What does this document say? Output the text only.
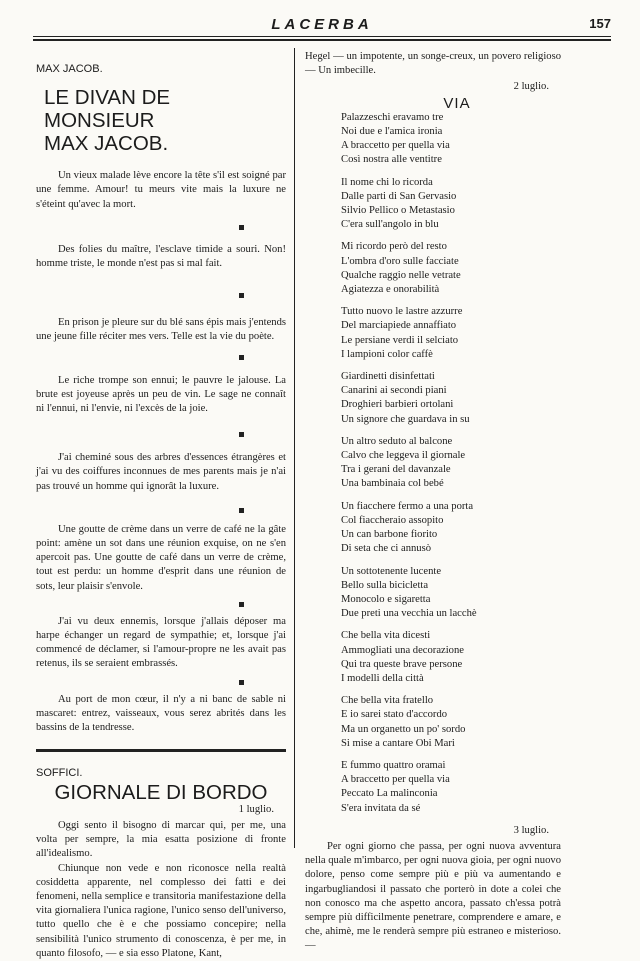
LACERBA	157
MAX JACOB.
LE DIVAN DE MONSIEUR
MAX JACOB.

Un vieux malade lève encore la tête s'il est soigné par une femme. Amour! tu meurs vite mais la luxure ne s'éteint qu'avec la mort.

Des folies du maître, l'esclave timide a souri. Non! homme triste, le monde n'est pas si mal fait.

En prison je pleure sur du blé sans épis mais j'entends une jeune fille réciter mes vers. Telle est la vie du poète.

Le riche trompe son ennui; le pauvre le jalouse. La brute est joyeuse après un peu de vin. Le sage ne connaît ni l'ennui, ni l'envie, ni l'excès de la joie.

J'ai cheminé sous des arbres d'essences étrangères et j'ai vu des coiffures inconnues de mes parents mais je n'ai pas trouvé un homme qui ignorât la luxure.

Une goutte de crème dans un verre de café ne la gâte point: amène un sot dans une réunion exquise, on ne s'en apercoit pas. Une goutte de café dans un verre de crème, tout est perdu: un homme d'esprit dans une réunion de sots, leur plaisir s'envole.

J'ai vu deux ennemis, lorsque j'allais déposer ma harpe échanger un regard de sympathie; et, lorsque j'ai commencé de déclamer, si l'amour-propre ne les avait pas retenus, ils se seraient embrassés.

Au port de mon cœur, il n'y a ni banc de sable ni mascaret: entrez, vaisseaux, vous serez abrités dans les bassins de la tendresse.

SOFFICI.
GIORNALE DI BORDO
1 luglio.

Oggi sento il bisogno di marcar qui, per me, una volta per sempre, la mia esatta posizione di fronte all'idealismo.

Chiunque non vede e non riconosce nella realtà cosiddetta apparente, nel complesso dei fatti e dei fenomeni, nella semplice e transitoria manifestazione della vita giornaliera l'unica ragione, l'unico senso dell'universo, tutto quello che è e che possiamo concepire; nella sensibilità l'unico strumento di conoscenza, è per me, in quanto filosofo, — e sia esso Platone, Kant,

Hegel — un impotente, un songe-creux, un povero religioso — Un imbecille.

2 luglio.
VIA
Palazzeschi eravamo tre
Noi due e l'amica ironia
A braccetto per quella via
Così nostra alle ventitre
Il nome chi lo ricorda
Dalle parti di San Gervasio
Silvio Pellico o Metastasio
C'era sull'angolo in blu
Mi ricordo però del resto
L'ombra d'oro sulle facciate
Qualche raggio nelle vetrate
Agiatezza e onorabilità
Tutto nuovo le lastre azzurre
Del marciapiede annaffiato
Le persiane verdi il selciato
I lampioni color caffè
Giardinetti disinfettati
Canarini ai secondi piani
Droghieri barbieri ortolani
Un signore che guardava in su
Un altro seduto al balcone
Calvo che leggeva il giornale
Tra i gerani del davanzale
Una bambinaia col bebé
Un fiacchere fermo a una porta
Col fiaccheraio assopito
Un can barbone fiorito
Di seta che ci annusò
Un sottotenente lucente
Bello sulla bicicletta
Monocolo e sigaretta
Due preti una vecchia un lacchè
Che bella vita dicesti
Ammogliati una decorazione
Qui tra queste brave persone
I modelli della città
Che bella vita fratello
E io sarei stato d'accordo
Ma un organetto un po' sordo
Si mise a cantare Obi Mari
E fummo quattro oramai
A braccetto per quella via
Peccato La malinconia
S'era invitata da sé
3 luglio.

Per ogni giorno che passa, per ogni nuova avventura nella quale m'imbarco, per ogni nuova gioia, per ogni nuovo dolore, penso come sempre più e più va aumentando e ingarbugliandosi il passato che porterò in dote a colei che non conosco ma che aspetto ancora, passato ch'essa potrà sempre più difficilmente penetrare, comprendere e amare, e che, ahimè, me le renderà sempre più estraneo e misterioso. —
